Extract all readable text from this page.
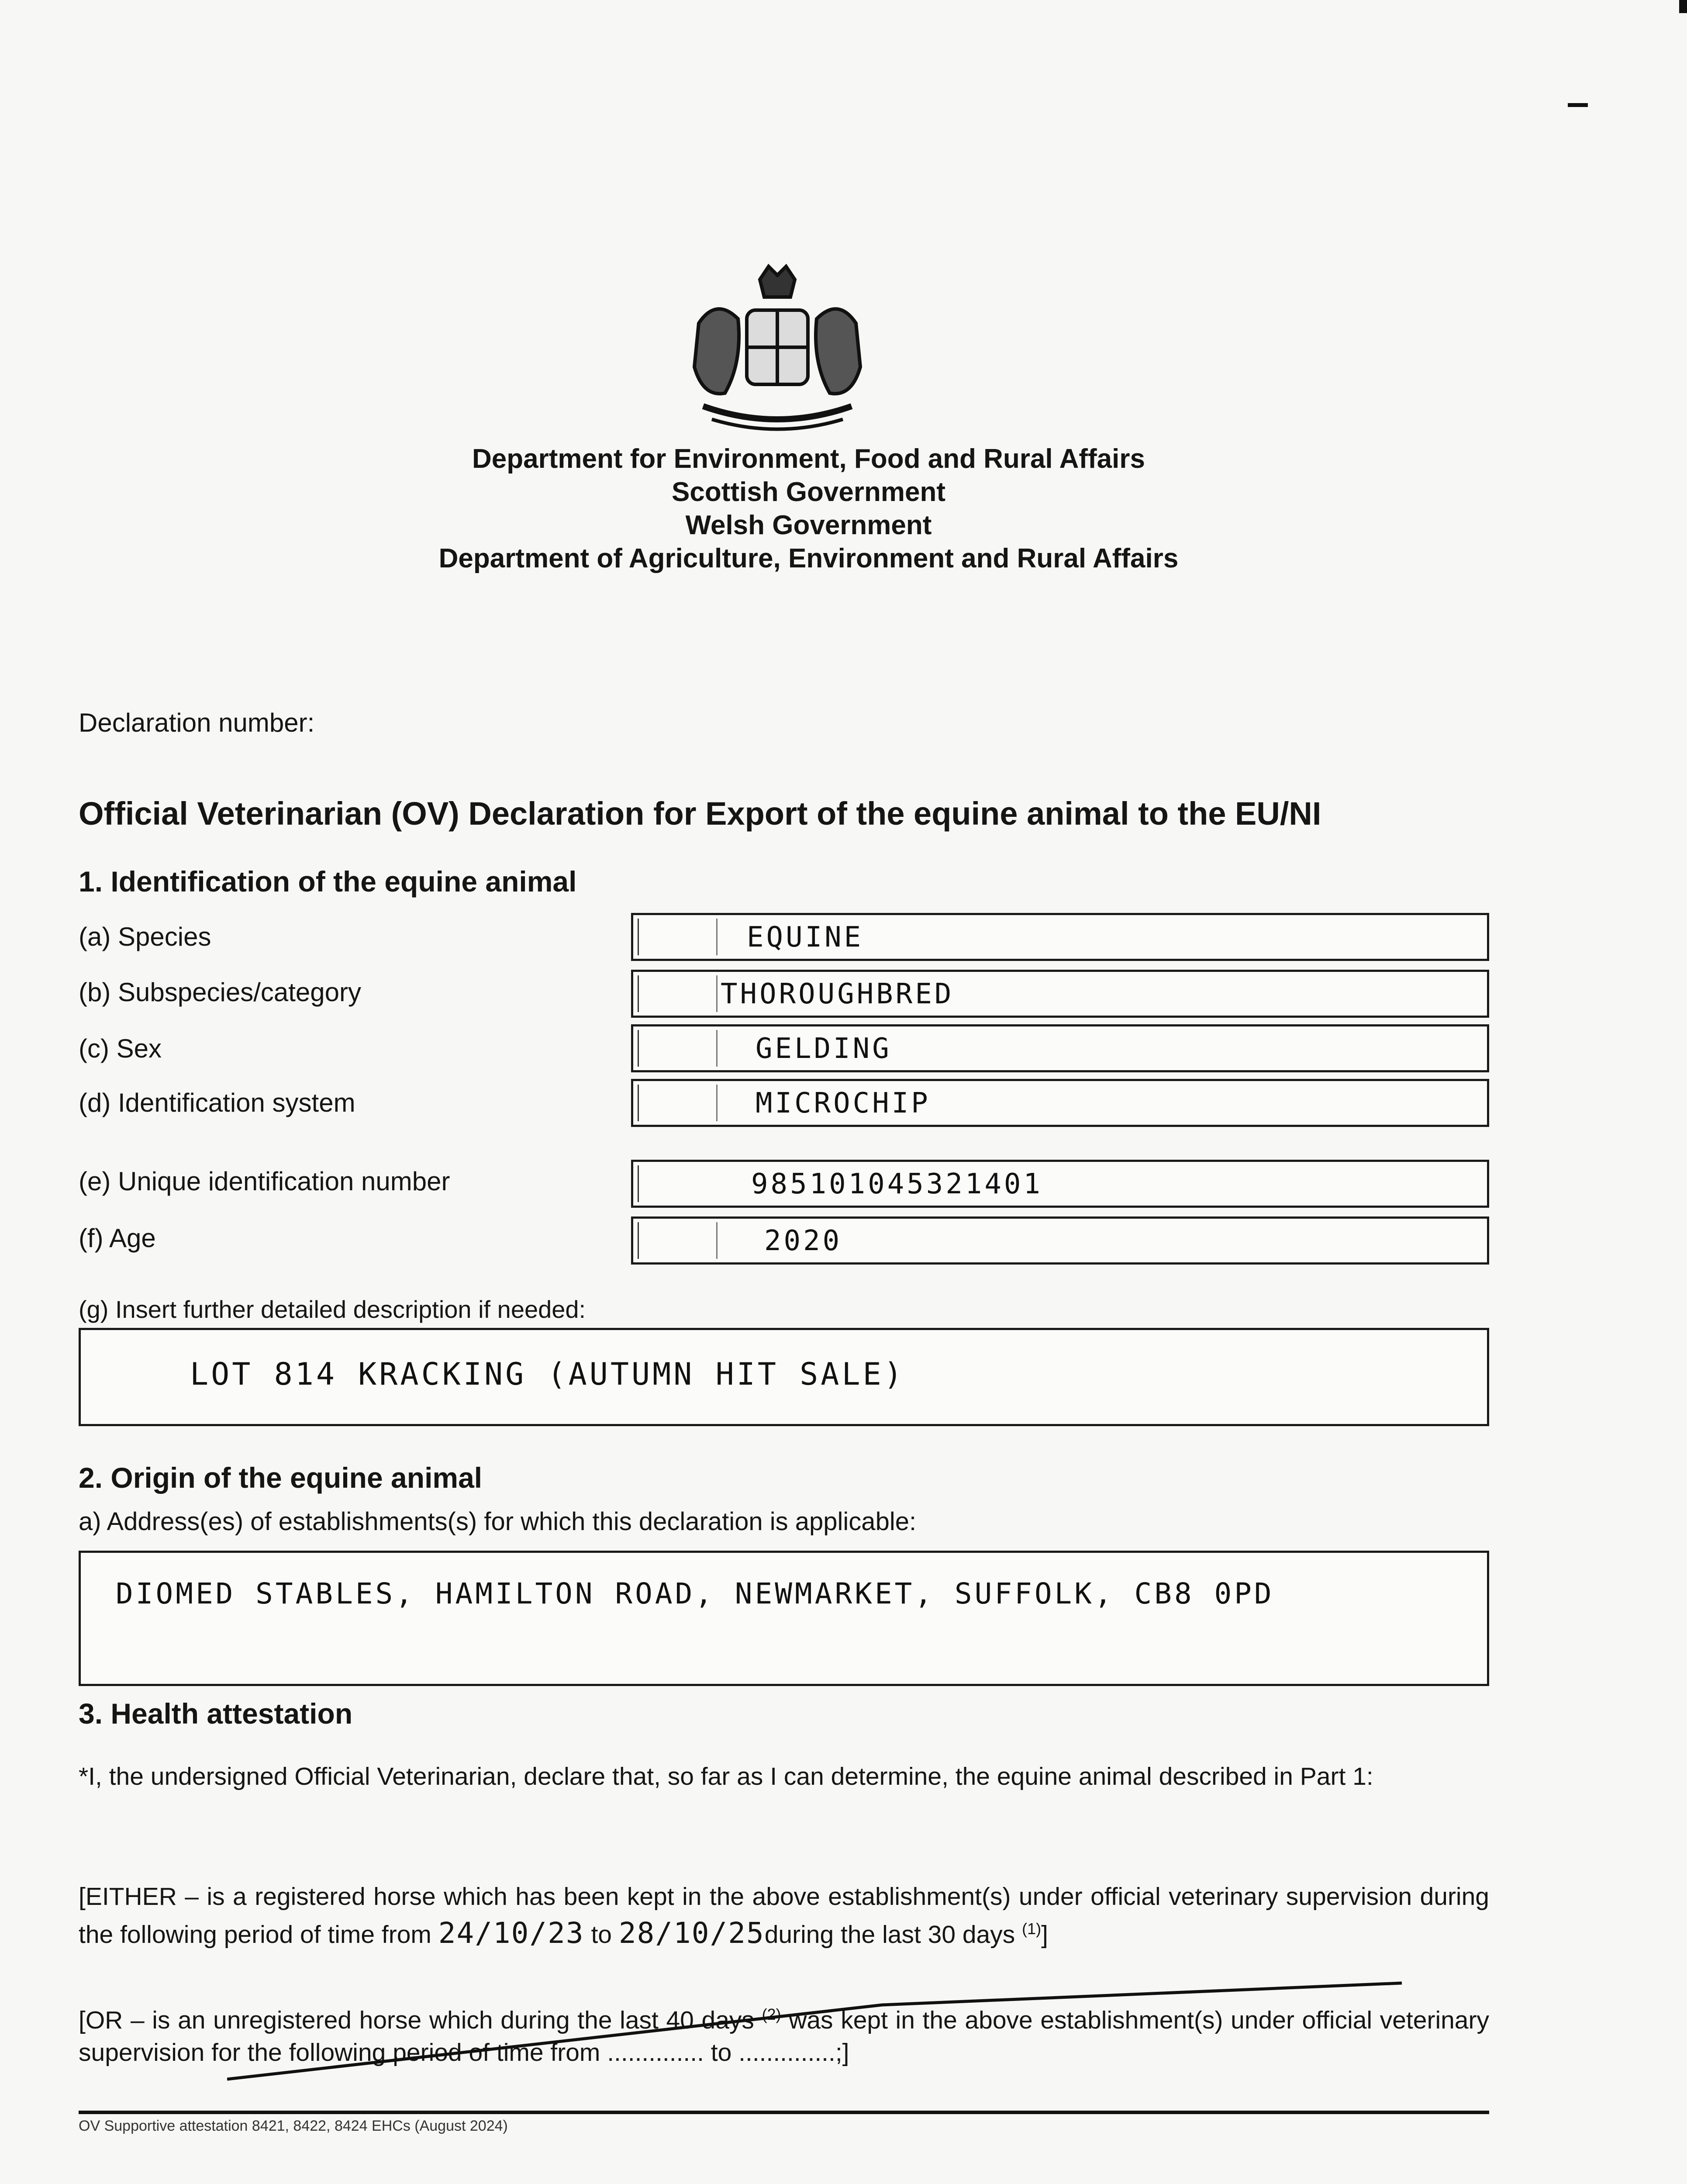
Department for Environment, Food and Rural Affairs
Scottish Government
Welsh Government
Department of Agriculture, Environment and Rural Affairs
Declaration number:
Official Veterinarian (OV) Declaration for Export of the equine animal to the EU/NI
1. Identification of the equine animal
(a) Species	EQUINE
(b) Subspecies/category	THOROUGHBRED
(c) Sex	GELDING
(d) Identification system	MICROCHIP
(e) Unique identification number	985101045321401
(f) Age	2020
(g) Insert further detailed description if needed:
LOT 814 KRACKING (AUTUMN HIT SALE)
2. Origin of the equine animal
a) Address(es) of establishments(s) for which this declaration is applicable:
DIOMED STABLES, HAMILTON ROAD, NEWMARKET, SUFFOLK, CB8 0PD
3. Health attestation
*I, the undersigned Official Veterinarian, declare that, so far as I can determine, the equine animal described in Part 1:
[EITHER – is a registered horse which has been kept in the above establishment(s) under official veterinary supervision during the following period of time from 24/10/23 to 28/10/25during the last 30 days $^{(1)}$]
[OR – is an unregistered horse which during the last 40 days $^{(2)}$ was kept in the above establishment(s) under official veterinary supervision for the following period of time from .............. to ..............;]
OV Supportive attestation 8421, 8422, 8424 EHCs (August 2024)
